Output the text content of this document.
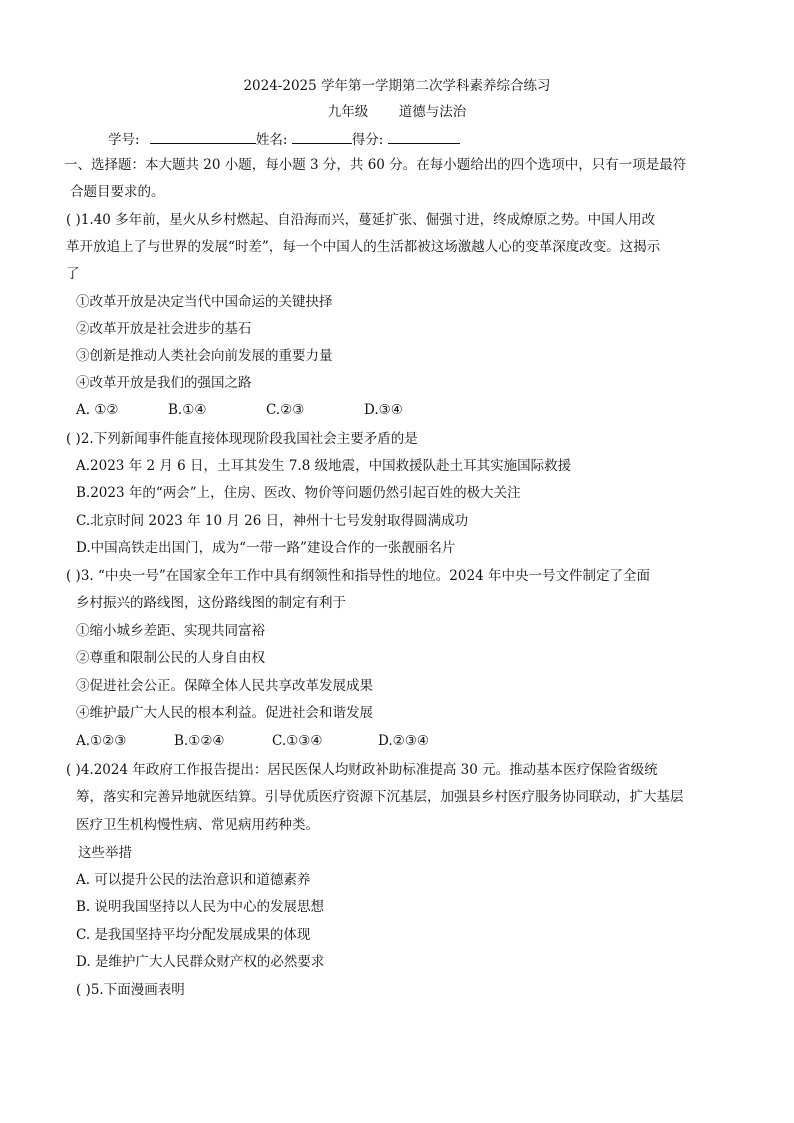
2024-2025 学年第一学期第二次学科素养综合练习
九年级 道德与法治
学号:	姓名:	得分:
一、选择题：本大题共 20 小题，每小题 3 分，共 60 分。在每小题给出的四个选项中，只有一项是最符
合题目要求的。
( )1.40 多年前，星火从乡村燃起、自沿海而兴，蔓延扩张、倔强寸进，终成燎原之势。中国人用改
革开放追上了与世界的发展“时差”，每一个中国人的生活都被这场激越人心的变革深度改变。这揭示
了
①改革开放是决定当代中国命运的关键抉择
②改革开放是社会进步的基石
③创新是推动人类社会向前发展的重要力量
④改革开放是我们的强国之路
A. ①②	B.①④	C.②③	D.③④
( )2.下列新闻事件能直接体现现阶段我国社会主要矛盾的是
A.2023 年 2 月 6 日，土耳其发生 7.8 级地震，中国救援队赴土耳其实施国际救援
B.2023 年的“两会”上，住房、医改、物价等问题仍然引起百姓的极大关注
C.北京时间 2023 年 10 月 26 日，神州十七号发射取得圆满成功
D.中国高铁走出国门，成为“一带一路”建设合作的一张靓丽名片
( )3. “中央一号”在国家全年工作中具有纲领性和指导性的地位。2024 年中央一号文件制定了全面
乡村振兴的路线图，这份路线图的制定有利于
①缩小城乡差距、实现共同富裕
②尊重和限制公民的人身自由权
③促进社会公正。保障全体人民共享改革发展成果
④维护最广大人民的根本利益。促进社会和谐发展
A.①②③	B.①②④	C.①③④	D.②③④
( )4.2024 年政府工作报告提出：居民医保人均财政补助标准提高 30 元。推动基本医疗保险省级统
筹，落实和完善异地就医结算。引导优质医疗资源下沉基层，加强县乡村医疗服务协同联动，扩大基层
医疗卫生机构慢性病、常见病用药种类。
这些举措
A. 可以提升公民的法治意识和道德素养
B. 说明我国坚持以人民为中心的发展思想
C. 是我国坚持平均分配发展成果的体现
D. 是维护广大人民群众财产权的必然要求
( )5.下面漫画表明
